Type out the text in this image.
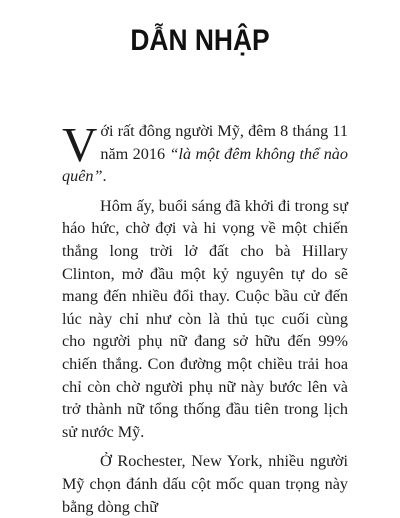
DẪN NHẬP

Với rất đông người Mỹ, đêm 8 tháng 11 năm 2016 “là một đêm không thể nào quên”.

Hôm ấy, buổi sáng đã khởi đi trong sự háo hức, chờ đợi và hi vọng về một chiến thắng long trời lở đất cho bà Hillary Clinton, mở đầu một kỷ nguyên tự do sẽ mang đến nhiều đổi thay. Cuộc bầu cử đến lúc này chỉ như còn là thủ tục cuối cùng cho người phụ nữ đang sở hữu đến 99% chiến thắng. Con đường một chiều trải hoa chỉ còn chờ người phụ nữ này bước lên và trở thành nữ tổng thống đầu tiên trong lịch sử nước Mỹ.

Ở Rochester, New York, nhiều người Mỹ chọn đánh dấu cột mốc quan trọng này bằng dòng chữ
